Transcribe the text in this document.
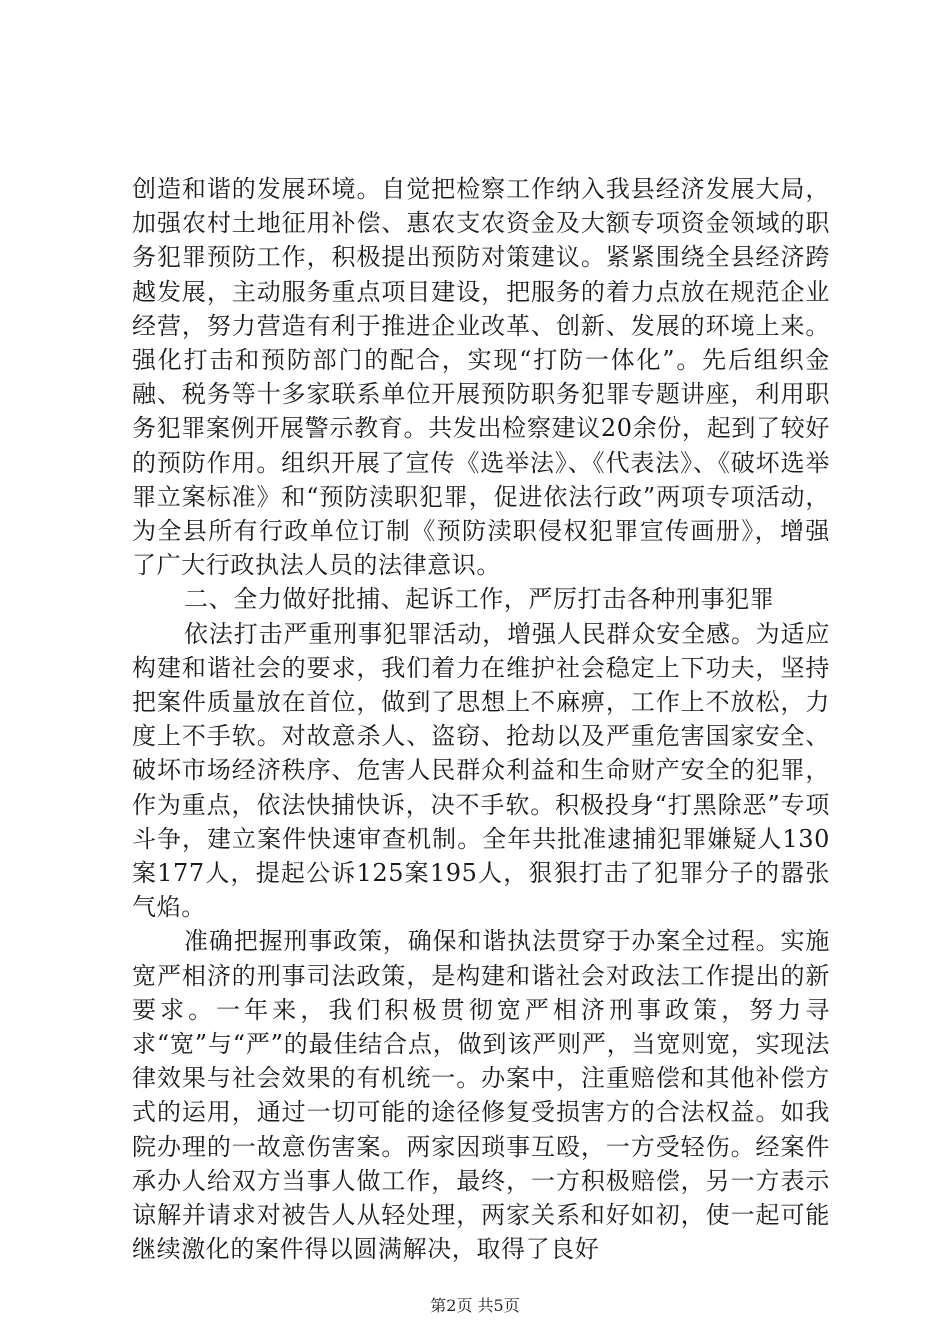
创造和谐的发展环境。自觉把检察工作纳入我县经济发展大局，加强农村土地征用补偿、惠农支农资金及大额专项资金领域的职务犯罪预防工作，积极提出预防对策建议。紧紧围绕全县经济跨越发展，主动服务重点项目建设，把服务的着力点放在规范企业经营，努力营造有利于推进企业改革、创新、发展的环境上来。强化打击和预防部门的配合，实现“打防一体化”。先后组织金融、税务等十多家联系单位开展预防职务犯罪专题讲座，利用职务犯罪案例开展警示教育。共发出检察建议20余份，起到了较好的预防作用。组织开展了宣传《选举法》、《代表法》、《破坏选举罪立案标准》和“预防渎职犯罪，促进依法行政”两项专项活动，为全县所有行政单位订制《预防渎职侵权犯罪宣传画册》，增强了广大行政执法人员的法律意识。

二、全力做好批捕、起诉工作，严厉打击各种刑事犯罪

依法打击严重刑事犯罪活动，增强人民群众安全感。为适应构建和谐社会的要求，我们着力在维护社会稳定上下功夫，坚持把案件质量放在首位，做到了思想上不麻痹，工作上不放松，力度上不手软。对故意杀人、盗窃、抢劫以及严重危害国家安全、破坏市场经济秩序、危害人民群众利益和生命财产安全的犯罪，作为重点，依法快捕快诉，决不手软。积极投身“打黑除恶”专项斗争，建立案件快速审查机制。全年共批准逮捕犯罪嫌疑人130案177人，提起公诉125案195人，狠狠打击了犯罪分子的嚣张气焰。

准确把握刑事政策，确保和谐执法贯穿于办案全过程。实施宽严相济的刑事司法政策，是构建和谐社会对政法工作提出的新要求。一年来，我们积极贯彻宽严相济刑事政策，努力寻求“宽”与“严”的最佳结合点，做到该严则严，当宽则宽，实现法律效果与社会效果的有机统一。办案中，注重赔偿和其他补偿方式的运用，通过一切可能的途径修复受损害方的合法权益。如我院办理的一故意伤害案。两家因琐事互殴，一方受轻伤。经案件承办人给双方当事人做工作，最终，一方积极赔偿，另一方表示谅解并请求对被告人从轻处理，两家关系和好如初，使一起可能继续激化的案件得以圆满解决，取得了良好

第2页 共5页
